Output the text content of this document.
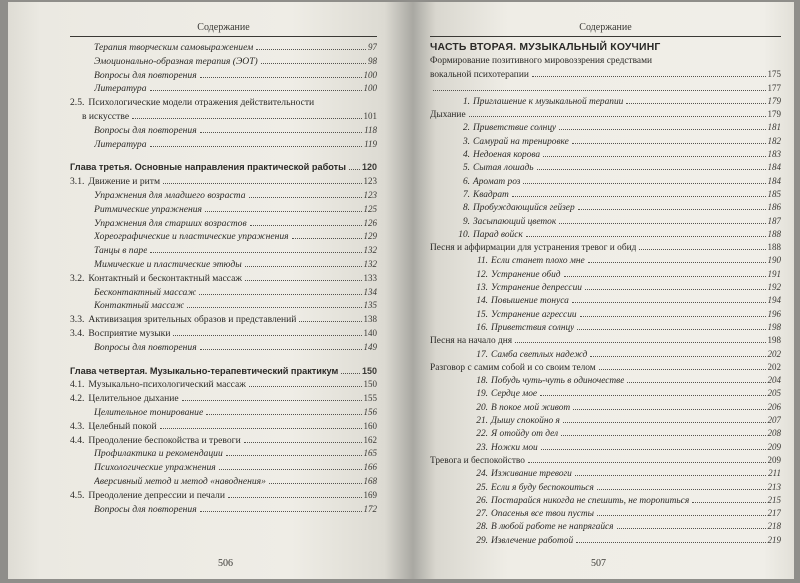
Содержание
Терапия творческим самовыражением	97
Эмоционально-образная терапия (ЭОТ)	98
Вопросы для повторения	100
Литература	100
2.5. Психологические модели отражения действительности
в искусстве	101
Вопросы для повторения	118
Литература	119
Глава третья. Основные направления практической работы 120
3.1. Движение и ритм	123
Упражнения для младшего возраста	123
Ритмические упражнения	125
Упражнения для старших возрастов	126
Хореографические и пластические упражнения	129
Танцы в паре	132
Мимические и пластические этюды	132
3.2. Контактный и бесконтактный массаж	133
Бесконтактный массаж	134
Контактный массаж	135
3.3. Активизация зрительных образов и представлений	138
3.4. Восприятие музыки	140
Вопросы для повторения	149
Глава четвертая. Музыкально-терапевтический практикум	150
4.1. Музыкально-психологический массаж	150
4.2. Целительное дыхание	155
Целительное тонирование	156
4.3. Целебный покой	160
4.4. Преодоление беспокойства и тревоги	162
Профилактика и рекомендации	165
Психологические упражнения	166
Аверсивный метод и метод «наводнения»	168
4.5. Преодоление депрессии и печали	169
Вопросы для повторения	172
506
Содержание
ЧАСТЬ ВТОРАЯ. МУЗЫКАЛЬНЫЙ КОУЧИНГ
Формирование позитивного мировоззрения средствами
вокальной психотерапии	175
177
1. Приглашение к музыкальной терапии	179
Дыхание	179
2. Приветствие солнцу	181
3. Самурай на тренировке	182
4. Недоеная корова	183
5. Сытая лошадь	184
6. Аромат роз	184
7. Квадрат	185
8. Пробуждающийся гейзер	186
9. Засыпающий цветок	187
10. Парад войск	188
Песня и аффирмации для устранения тревог и обид	188
11. Если станет плохо мне	190
12. Устранение обид	191
13. Устранение депрессии	192
14. Повышение тонуса	194
15. Устранение агрессии	196
16. Приветствия солнцу	198
Песня на начало дня	198
17. Самба светлых надежд	202
Разговор с самим собой и со своим телом	202
18. Побудь чуть-чуть в одиночестве	204
19. Сердце мое	205
20. В покое мой живот	206
21. Дышу спокойно я	207
22. Я отойду от дел	208
23. Ножки мои	209
Тревога и беспокойство	209
24. Изживание тревоги	211
25. Если я буду беспокоиться	213
26. Постарайся никогда не спешить, не торопиться	215
27. Опасенья все твои пусты	217
28. В любой работе не напрягайся	218
29. Извлечение работой	219
507
